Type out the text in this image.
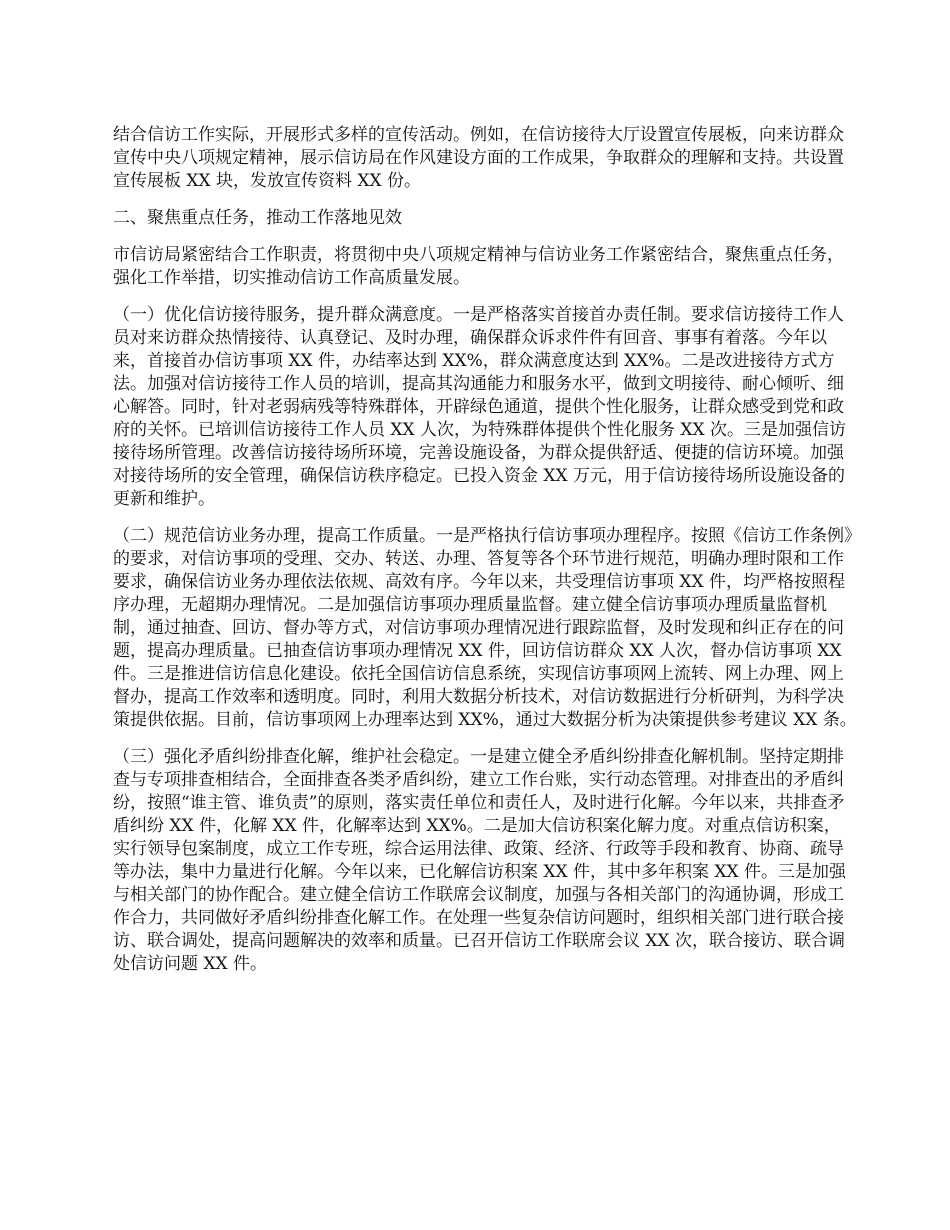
结合信访工作实际，开展形式多样的宣传活动。例如，在信访接待大厅设置宣传展板，向来访群众宣传中央八项规定精神，展示信访局在作风建设方面的工作成果，争取群众的理解和支持。共设置宣传展板 XX 块，发放宣传资料 XX 份。

二、聚焦重点任务，推动工作落地见效

市信访局紧密结合工作职责，将贯彻中央八项规定精神与信访业务工作紧密结合，聚焦重点任务，强化工作举措，切实推动信访工作高质量发展。

（一）优化信访接待服务，提升群众满意度。一是严格落实首接首办责任制。要求信访接待工作人员对来访群众热情接待、认真登记、及时办理，确保群众诉求件件有回音、事事有着落。今年以来，首接首办信访事项 XX 件，办结率达到 XX%，群众满意度达到 XX%。二是改进接待方式方法。加强对信访接待工作人员的培训，提高其沟通能力和服务水平，做到文明接待、耐心倾听、细心解答。同时，针对老弱病残等特殊群体，开辟绿色通道，提供个性化服务，让群众感受到党和政府的关怀。已培训信访接待工作人员 XX 人次，为特殊群体提供个性化服务 XX 次。三是加强信访接待场所管理。改善信访接待场所环境，完善设施设备，为群众提供舒适、便捷的信访环境。加强对接待场所的安全管理，确保信访秩序稳定。已投入资金 XX 万元，用于信访接待场所设施设备的更新和维护。

（二）规范信访业务办理，提高工作质量。一是严格执行信访事项办理程序。按照《信访工作条例》的要求，对信访事项的受理、交办、转送、办理、答复等各个环节进行规范，明确办理时限和工作要求，确保信访业务办理依法依规、高效有序。今年以来，共受理信访事项 XX 件，均严格按照程序办理，无超期办理情况。二是加强信访事项办理质量监督。建立健全信访事项办理质量监督机制，通过抽查、回访、督办等方式，对信访事项办理情况进行跟踪监督，及时发现和纠正存在的问题，提高办理质量。已抽查信访事项办理情况 XX 件，回访信访群众 XX 人次，督办信访事项 XX 件。三是推进信访信息化建设。依托全国信访信息系统，实现信访事项网上流转、网上办理、网上督办，提高工作效率和透明度。同时，利用大数据分析技术，对信访数据进行分析研判，为科学决策提供依据。目前，信访事项网上办理率达到 XX%，通过大数据分析为决策提供参考建议 XX 条。

（三）强化矛盾纠纷排查化解，维护社会稳定。一是建立健全矛盾纠纷排查化解机制。坚持定期排查与专项排查相结合，全面排查各类矛盾纠纷，建立工作台账，实行动态管理。对排查出的矛盾纠纷，按照“谁主管、谁负责”的原则，落实责任单位和责任人，及时进行化解。今年以来，共排查矛盾纠纷 XX 件，化解 XX 件，化解率达到 XX%。二是加大信访积案化解力度。对重点信访积案，实行领导包案制度，成立工作专班，综合运用法律、政策、经济、行政等手段和教育、协商、疏导等办法，集中力量进行化解。今年以来，已化解信访积案 XX 件，其中多年积案 XX 件。三是加强与相关部门的协作配合。建立健全信访工作联席会议制度，加强与各相关部门的沟通协调，形成工作合力，共同做好矛盾纠纷排查化解工作。在处理一些复杂信访问题时，组织相关部门进行联合接访、联合调处，提高问题解决的效率和质量。已召开信访工作联席会议 XX 次，联合接访、联合调处信访问题 XX 件。
